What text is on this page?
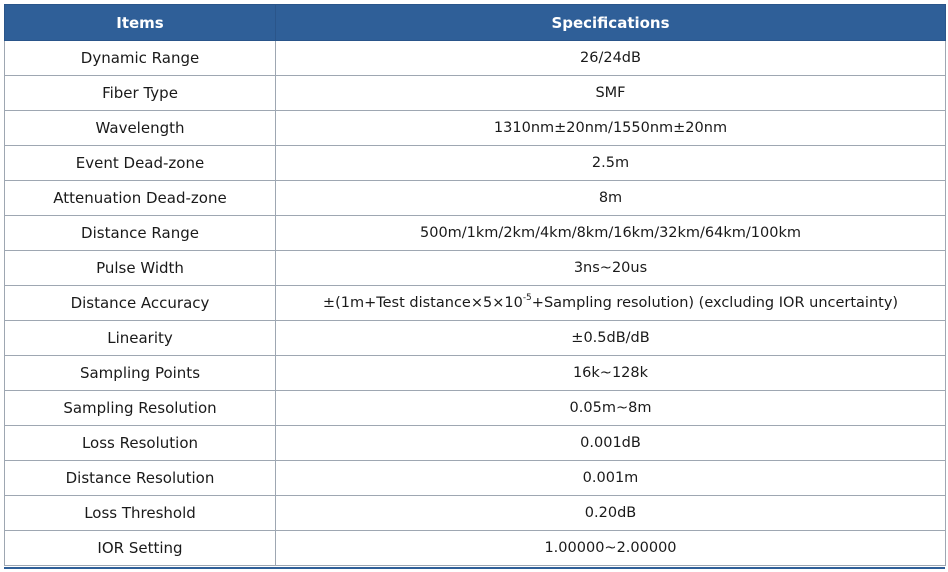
Items	Specifications
Dynamic Range	26/24dB
Fiber Type	SMF
Wavelength	1310nm±20nm/1550nm±20nm
Event Dead-zone	2.5m
Attenuation Dead-zone	8m
Distance Range	500m/1km/2km/4km/8km/16km/32km/64km/100km
Pulse Width	3ns~20us
Distance Accuracy	±(1m+Test $distance\times 5\times 10^{-5}+Sampling$ resolution) (excluding IOR uncertainty)
Linearity	±0.5dB/dB
Sampling Points	16k~128k
Sampling Resolution	0.05m~8m
Loss Resolution	0.001dB
Distance Resolution	0.001m
Loss Threshold	0.20dB
IOR Setting	1.00000~2.00000
